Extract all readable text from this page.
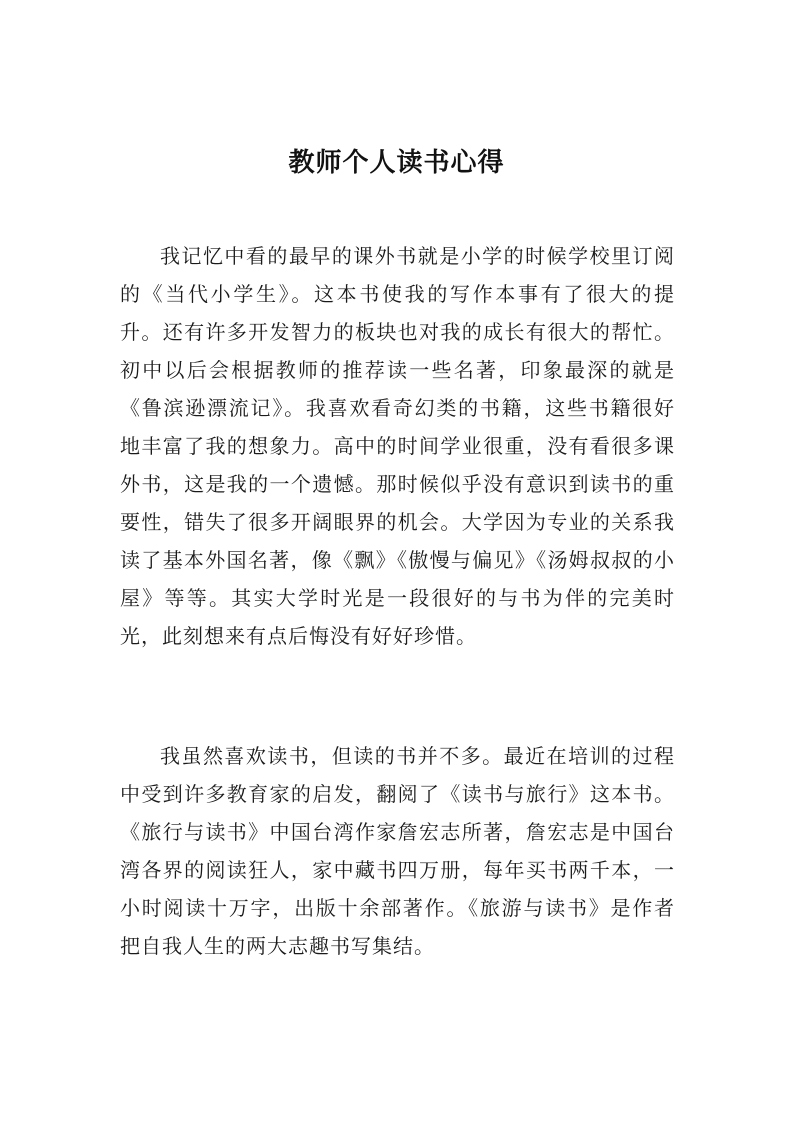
教师个人读书心得

我记忆中看的最早的课外书就是小学的时候学校里订阅的《当代小学生》。这本书使我的写作本事有了很大的提升。还有许多开发智力的板块也对我的成长有很大的帮忙。初中以后会根据教师的推荐读一些名著，印象最深的就是《鲁滨逊漂流记》。我喜欢看奇幻类的书籍，这些书籍很好地丰富了我的想象力。高中的时间学业很重，没有看很多课外书，这是我的一个遗憾。那时候似乎没有意识到读书的重要性，错失了很多开阔眼界的机会。大学因为专业的关系我读了基本外国名著，像《飘》《傲慢与偏见》《汤姆叔叔的小屋》等等。其实大学时光是一段很好的与书为伴的完美时光，此刻想来有点后悔没有好好珍惜。

我虽然喜欢读书，但读的书并不多。最近在培训的过程中受到许多教育家的启发，翻阅了《读书与旅行》这本书。《旅行与读书》中国台湾作家詹宏志所著，詹宏志是中国台湾各界的阅读狂人，家中藏书四万册，每年买书两千本，一小时阅读十万字，出版十余部著作。《旅游与读书》是作者把自我人生的两大志趣书写集结。
